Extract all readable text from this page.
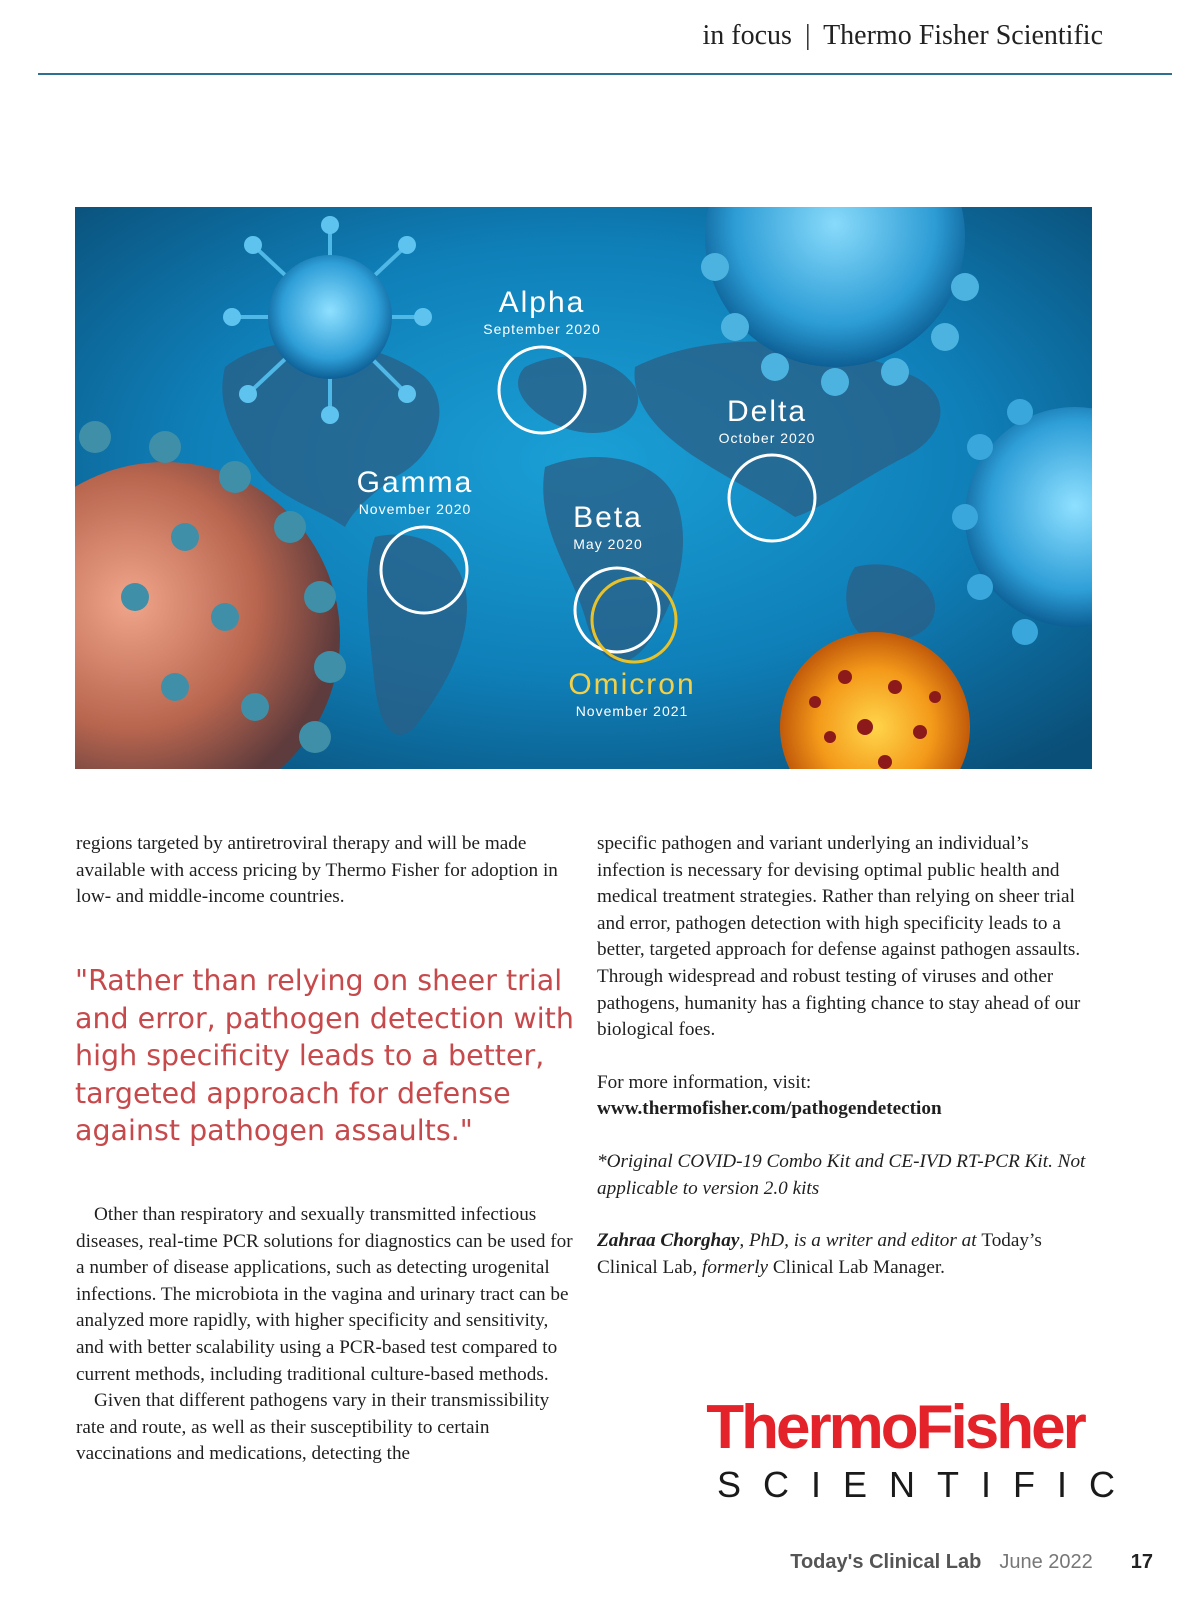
in focus | Thermo Fisher Scientific
Alpha
September 2020
Delta
October 2020
Gamma
November 2020	Beta
May 2020
Omicron
November 2021

regions targeted by antiretroviral therapy and will be made available with access pricing by Thermo Fisher for adoption in low- and middle-income countries.

"Rather than relying on sheer trial and error, pathogen detection with high specificity leads to a better, targeted approach for defense against pathogen assaults."

Other than respiratory and sexually transmitted infectious diseases, real-time PCR solutions for diagnostics can be used for a number of disease applications, such as detecting urogenital infections. The microbiota in the vagina and urinary tract can be analyzed more rapidly, with higher specificity and sensitivity, and with better scalability using a PCR-based test compared to current methods, including traditional culture-based methods.

Given that different pathogens vary in their transmissibility rate and route, as well as their susceptibility to certain vaccinations and medications, detecting the

specific pathogen and variant underlying an individual’s infection is necessary for devising optimal public health and medical treatment strategies. Rather than relying on sheer trial and error, pathogen detection with high specificity leads to a better, targeted approach for defense against pathogen assaults. Through widespread and robust testing of viruses and other pathogens, humanity has a fighting chance to stay ahead of our biological foes.

For more information, visit:

www.thermofisher.com/pathogendetection

*Original COVID-19 Combo Kit and CE-IVD RT-PCR Kit. Not applicable to version 2.0 kits

Zahraa Chorghay, PhD, is a writer and editor at Today’s Clinical Lab, formerly Clinical Lab Manager.

ThermoFisher
SCIENTIFIC
Today's Clinical Lab June 2022 17
